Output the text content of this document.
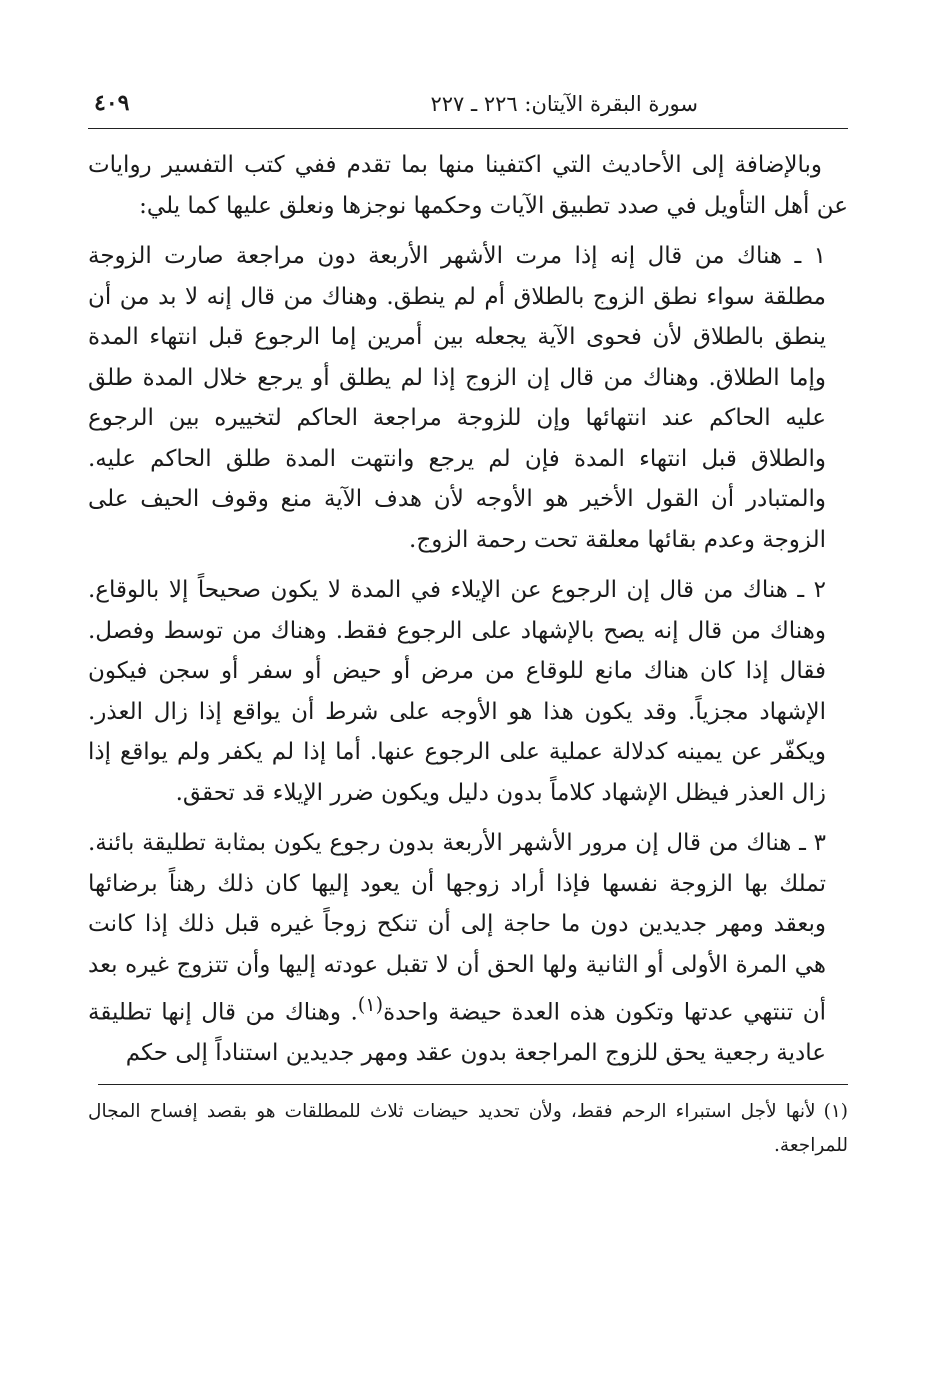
سورة البقرة الآيتان: ٢٢٦ ـ ٢٢٧
٤٠٩

وبالإضافة إلى الأحاديث التي اكتفينا منها بما تقدم ففي كتب التفسير روايات عن أهل التأويل في صدد تطبيق الآيات وحكمها نوجزها ونعلق عليها كما يلي:

١ ـ هناك من قال إنه إذا مرت الأشهر الأربعة دون مراجعة صارت الزوجة مطلقة سواء نطق الزوج بالطلاق أم لم ينطق. وهناك من قال إنه لا بد من أن ينطق بالطلاق لأن فحوى الآية يجعله بين أمرين إما الرجوع قبل انتهاء المدة وإما الطلاق. وهناك من قال إن الزوج إذا لم يطلق أو يرجع خلال المدة طلق عليه الحاكم عند انتهائها وإن للزوجة مراجعة الحاكم لتخييره بين الرجوع والطلاق قبل انتهاء المدة فإن لم يرجع وانتهت المدة طلق الحاكم عليه. والمتبادر أن القول الأخير هو الأوجه لأن هدف الآية منع وقوف الحيف على الزوجة وعدم بقائها معلقة تحت رحمة الزوج.

٢ ـ هناك من قال إن الرجوع عن الإيلاء في المدة لا يكون صحيحاً إلا بالوقاع. وهناك من قال إنه يصح بالإشهاد على الرجوع فقط. وهناك من توسط وفصل. فقال إذا كان هناك مانع للوقاع من مرض أو حيض أو سفر أو سجن فيكون الإشهاد مجزياً. وقد يكون هذا هو الأوجه على شرط أن يواقع إذا زال العذر. ويكفّر عن يمينه كدلالة عملية على الرجوع عنها. أما إذا لم يكفر ولم يواقع إذا زال العذر فيظل الإشهاد كلاماً بدون دليل ويكون ضرر الإيلاء قد تحقق.

٣ ـ هناك من قال إن مرور الأشهر الأربعة بدون رجوع يكون بمثابة تطليقة بائنة. تملك بها الزوجة نفسها فإذا أراد زوجها أن يعود إليها كان ذلك رهناً برضائها وبعقد ومهر جديدين دون ما حاجة إلى أن تنكح زوجاً غيره قبل ذلك إذا كانت هي المرة الأولى أو الثانية ولها الحق أن لا تقبل عودته إليها وأن تتزوج غيره بعد أن تنتهي عدتها وتكون هذه العدة حيضة واحدة$^{(١)}$. وهناك من قال إنها تطليقة عادية رجعية يحق للزوج المراجعة بدون عقد ومهر جديدين استناداً إلى حكم

(١)لأنها لأجل استبراء الرحم فقط، ولأن تحديد حيضات ثلاث للمطلقات هو بقصد إفساح المجال للمراجعة.
